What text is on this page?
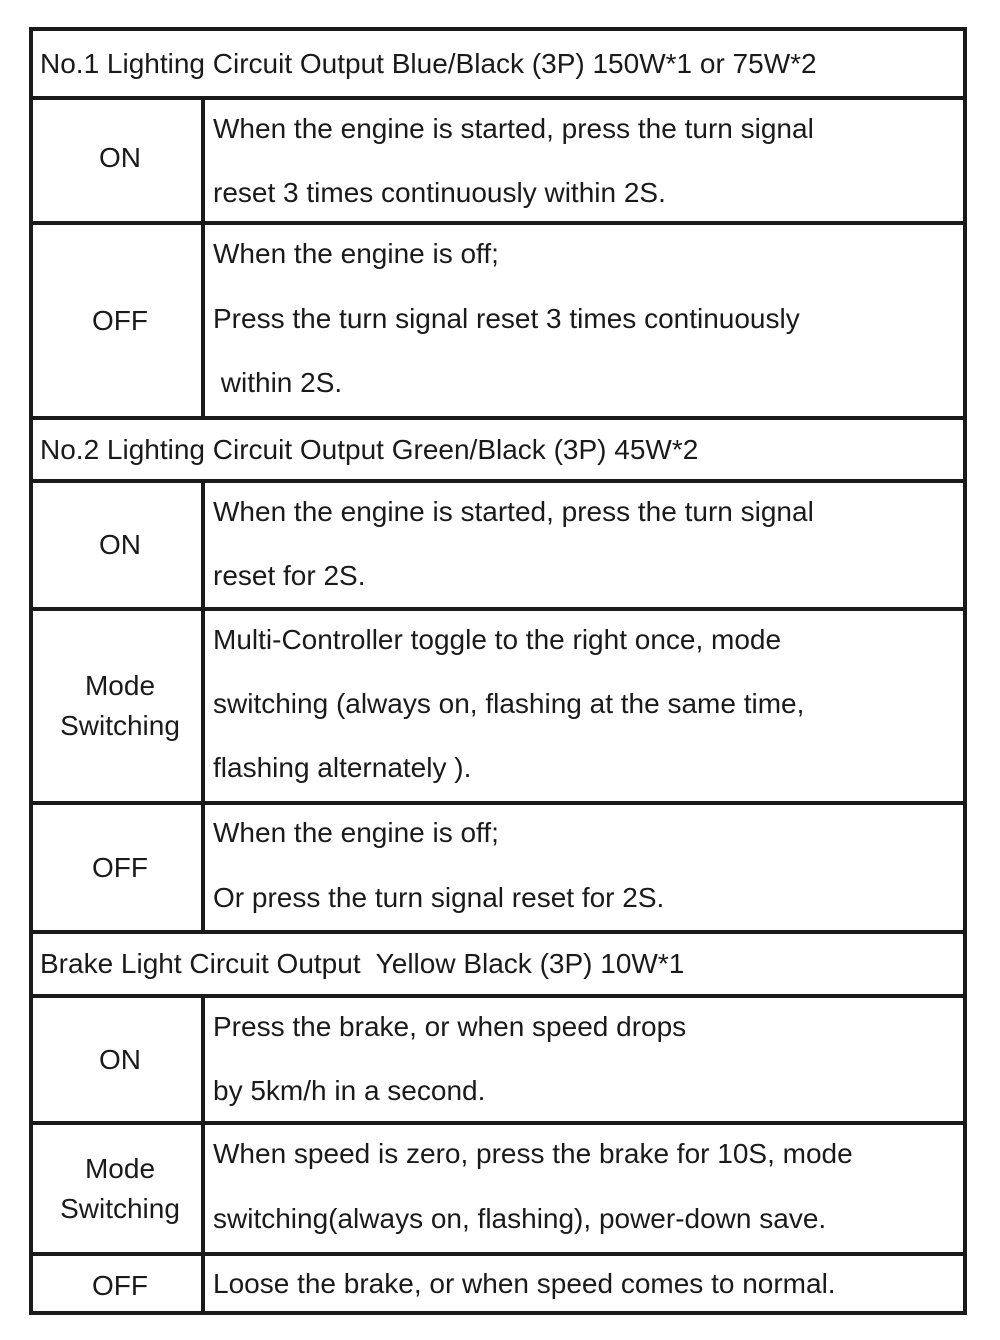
No.1 Lighting Circuit Output Blue/Black (3P) 150W*1 or 75W*2
ON
When the engine is started, press the turn signal
reset 3 times continuously within 2S.
OFF
When the engine is off;
Press the turn signal reset 3 times continuously
within 2S.
No.2 Lighting Circuit Output Green/Black (3P) 45W*2
ON
When the engine is started, press the turn signal
reset for 2S.
Mode
Switching
Multi-Controller toggle to the right once, mode
switching (always on, flashing at the same time,
flashing alternately ).
OFF
When the engine is off;
Or press the turn signal reset for 2S.
Brake Light Circuit Output  Yellow Black (3P) 10W*1
ON
Press the brake, or when speed drops
by 5km/h in a second.
Mode
Switching
When speed is zero, press the brake for 10S, mode
switching(always on, flashing), power-down save.
OFF Loose the brake, or when speed comes to normal.
